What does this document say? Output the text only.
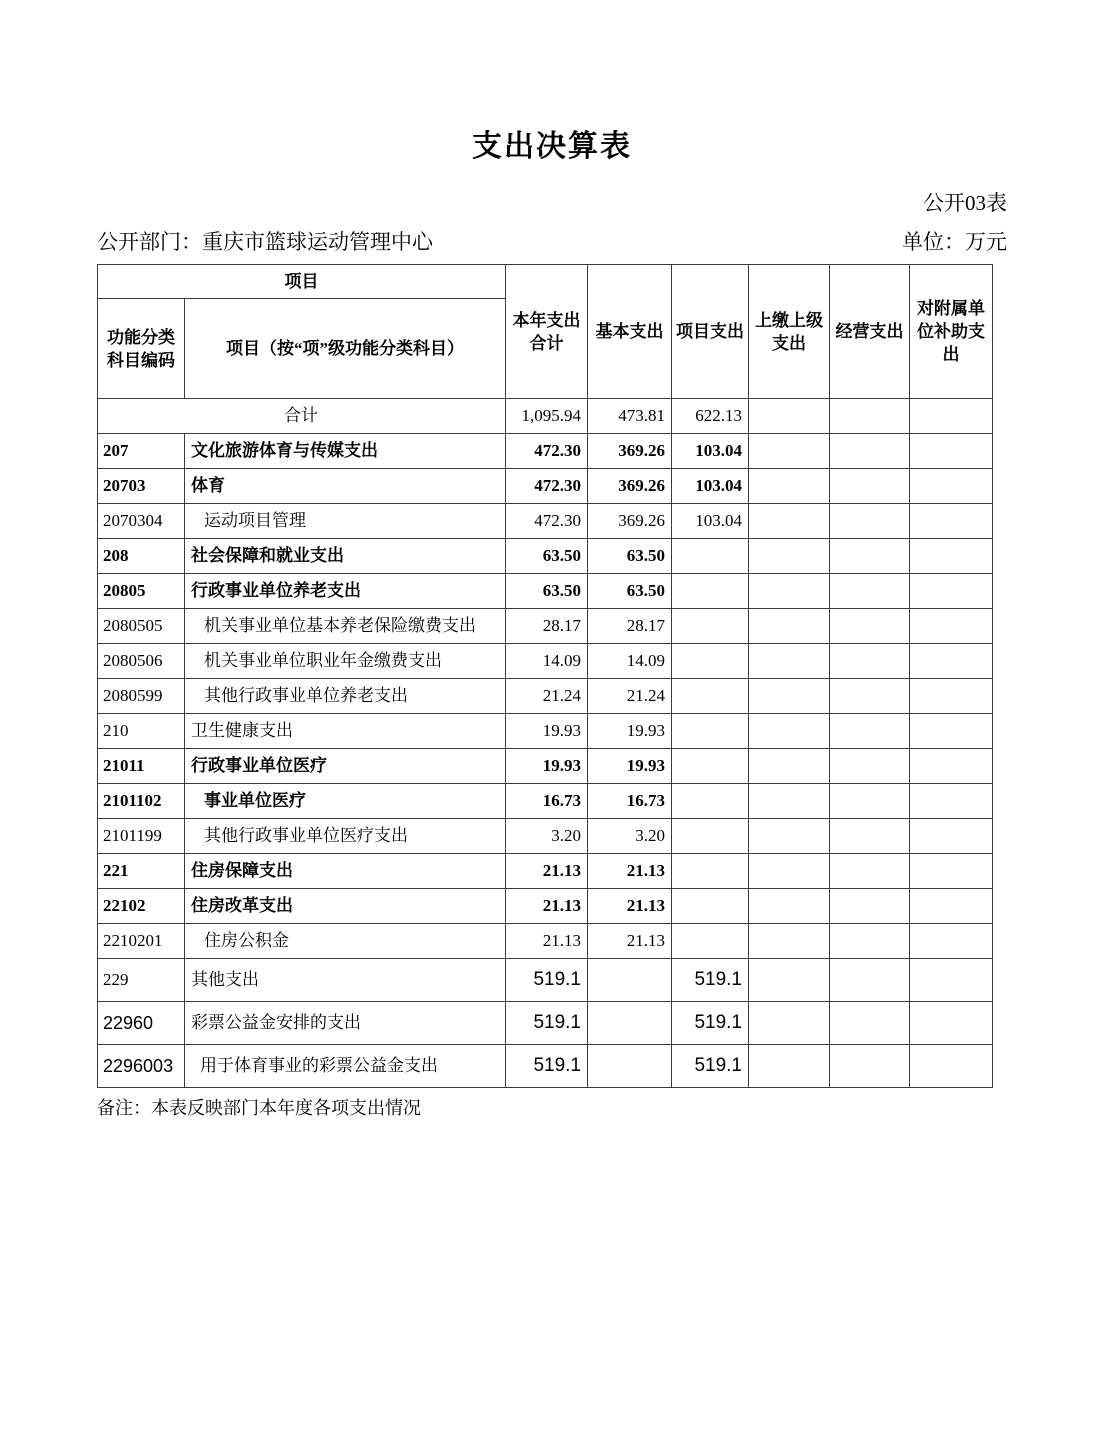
支出决算表
公开03表
公开部门：重庆市篮球运动管理中心	单位：万元
项目		本年支出合计	基本支出	项目支出	上缴上级支出	经营支出	对附属单位补助支出
功能分类科目编码	项目（按“项”级功能分类科目）						
合计		1,095.94	473.81	622.13			
207	文化旅游体育与传媒支出	472.30	369.26	103.04			
20703	体育	472.30	369.26	103.04			
2070304	运动项目管理	472.30	369.26	103.04			
208	社会保障和就业支出	63.50	63.50				
20805	行政事业单位养老支出	63.50	63.50				
2080505	机关事业单位基本养老保险缴费支出	28.17	28.17				
2080506	机关事业单位职业年金缴费支出	14.09	14.09				
2080599	其他行政事业单位养老支出	21.24	21.24				
210	卫生健康支出	19.93	19.93				
21011	行政事业单位医疗	19.93	19.93				
2101102	事业单位医疗	16.73	16.73				
2101199	其他行政事业单位医疗支出	3.20	3.20				
221	住房保障支出	21.13	21.13				
22102	住房改革支出	21.13	21.13				
2210201	住房公积金	21.13	21.13				
229	其他支出	519.1		519.1			
22960	彩票公益金安排的支出	519.1		519.1			
2296003	用于体育事业的彩票公益金支出	519.1		519.1			
备注：本表反映部门本年度各项支出情况
